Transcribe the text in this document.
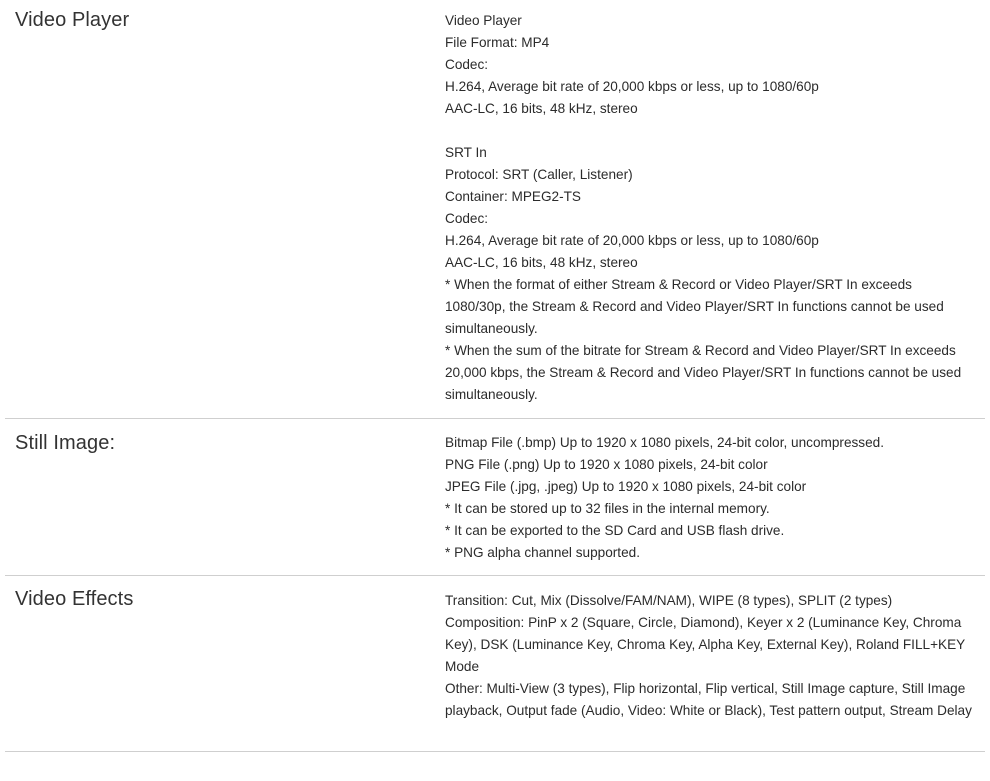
Video Player	Video Player
File Format: MP4
Codec:
H.264, Average bit rate of 20,000 kbps or less, up to 1080/60p
AAC-LC, 16 bits, 48 kHz, stereo
SRT In
Protocol: SRT (Caller, Listener)
Container: MPEG2-TS
Codec:
H.264, Average bit rate of 20,000 kbps or less, up to 1080/60p
AAC-LC, 16 bits, 48 kHz, stereo
* When the format of either Stream & Record or Video Player/SRT In exceeds 1080/30p, the Stream & Record and Video Player/SRT In functions cannot be used simultaneously.
* When the sum of the bitrate for Stream & Record and Video Player/SRT In exceeds 20,000 kbps, the Stream & Record and Video Player/SRT In functions cannot be used simultaneously.
Still Image:	Bitmap File (.bmp) Up to 1920 x 1080 pixels, 24-bit color, uncompressed.
PNG File (.png) Up to 1920 x 1080 pixels, 24-bit color
JPEG File (.jpg, .jpeg) Up to 1920 x 1080 pixels, 24-bit color
* It can be stored up to 32 files in the internal memory.
* It can be exported to the SD Card and USB flash drive.
* PNG alpha channel supported.
Video Effects	Transition: Cut, Mix (Dissolve/FAM/NAM), WIPE (8 types), SPLIT (2 types)
Composition: PinP x 2 (Square, Circle, Diamond), Keyer x 2 (Luminance Key, Chroma Key), DSK (Luminance Key, Chroma Key, Alpha Key, External Key), Roland FILL+KEY Mode
Other: Multi-View (3 types), Flip horizontal, Flip vertical, Still Image capture, Still Image playback, Output fade (Audio, Video: White or Black), Test pattern output, Stream Delay
